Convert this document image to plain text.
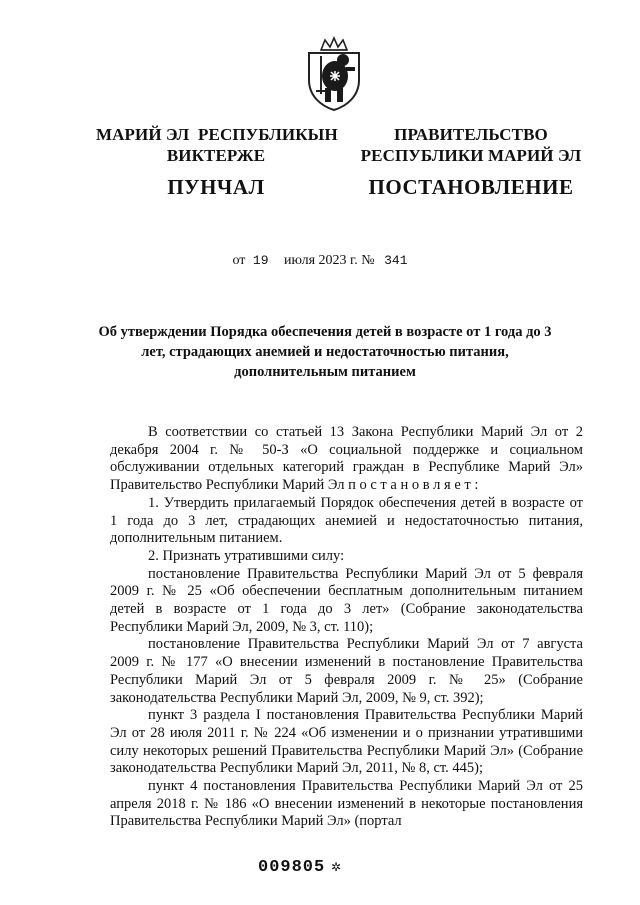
МАРИЙ ЭЛ  РЕСПУБЛИКЫН
ВИКТЕРЖЕ
ПУНЧАЛ
ПРАВИТЕЛЬСТВО
РЕСПУБЛИКИ МАРИЙ ЭЛ
ПОСТАНОВЛЕНИЕ
от 19 июля 2023 г. № 341
Об утверждении Порядка обеспечения детей в возрасте от 1 года до 3 лет, страдающих анемией и недостаточностью питания, дополнительным питанием

В соответствии со статьей 13 Закона Республики Марий Эл от 2 декабря 2004 г. № 50-З «О социальной поддержке и социальном обслуживании отдельных категорий граждан в Республике Марий Эл» Правительство Республики Марий Эл п о с т а н о в л я е т :

1. Утвердить прилагаемый Порядок обеспечения детей в возрасте от 1 года до 3 лет, страдающих анемией и недостаточностью питания, дополнительным питанием.

2. Признать утратившими силу:

постановление Правительства Республики Марий Эл от 5 февраля 2009 г. № 25 «Об обеспечении бесплатным дополнительным питанием детей в возрасте от 1 года до 3 лет» (Собрание законодательства Республики Марий Эл, 2009, № 3, ст. 110);

постановление Правительства Республики Марий Эл от 7 августа 2009 г. № 177 «О внесении изменений в постановление Правительства Республики Марий Эл от 5 февраля 2009 г. № 25» (Собрание законодательства Республики Марий Эл, 2009, № 9, ст. 392);

пункт 3 раздела I постановления Правительства Республики Марий Эл от 28 июля 2011 г. № 224 «Об изменении и о признании утратившими силу некоторых решений Правительства Республики Марий Эл» (Собрание законодательства Республики Марий Эл, 2011, № 8, ст. 445);

пункт 4 постановления Правительства Республики Марий Эл от 25 апреля 2018 г. № 186 «О внесении изменений в некоторые постановления Правительства Республики Марий Эл» (портал

009805 ✲
